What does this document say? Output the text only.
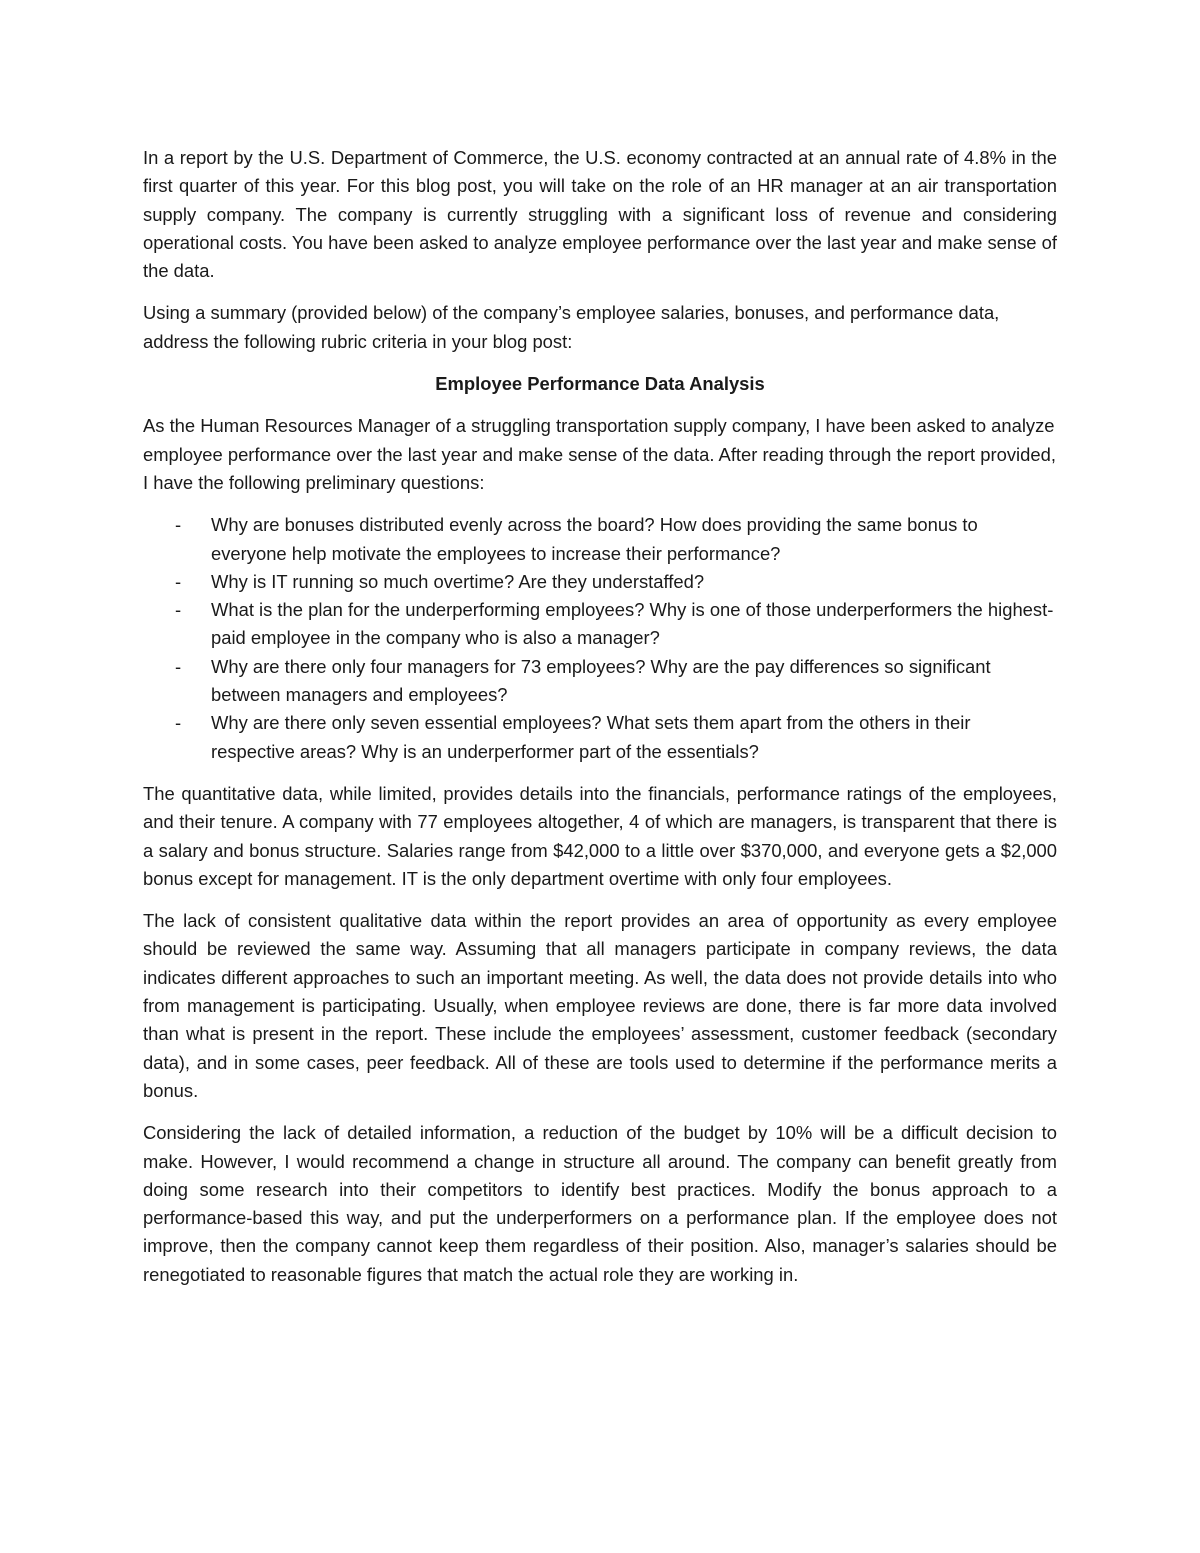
In a report by the U.S. Department of Commerce, the U.S. economy contracted at an annual rate of 4.8% in the first quarter of this year. For this blog post, you will take on the role of an HR manager at an air transportation supply company. The company is currently struggling with a significant loss of revenue and considering operational costs. You have been asked to analyze employee performance over the last year and make sense of the data.

Using a summary (provided below) of the company’s employee salaries, bonuses, and performance data, address the following rubric criteria in your blog post:

Employee Performance Data Analysis

As the Human Resources Manager of a struggling transportation supply company, I have been asked to analyze employee performance over the last year and make sense of the data. After reading through the report provided, I have the following preliminary questions:

- Why are bonuses distributed evenly across the board? How does providing the same bonus to everyone help motivate the employees to increase their performance?
- Why is IT running so much overtime? Are they understaffed?
- What is the plan for the underperforming employees? Why is one of those underperformers the highest-paid employee in the company who is also a manager?
- Why are there only four managers for 73 employees? Why are the pay differences so significant between managers and employees?
- Why are there only seven essential employees? What sets them apart from the others in their respective areas? Why is an underperformer part of the essentials?

The quantitative data, while limited, provides details into the financials, performance ratings of the employees, and their tenure. A company with 77 employees altogether, 4 of which are managers, is transparent that there is a salary and bonus structure. Salaries range from $42,000 to a little over $370,000, and everyone gets a $2,000 bonus except for management. IT is the only department overtime with only four employees.

The lack of consistent qualitative data within the report provides an area of opportunity as every employee should be reviewed the same way. Assuming that all managers participate in company reviews, the data indicates different approaches to such an important meeting. As well, the data does not provide details into who from management is participating. Usually, when employee reviews are done, there is far more data involved than what is present in the report. These include the employees’ assessment, customer feedback (secondary data), and in some cases, peer feedback. All of these are tools used to determine if the performance merits a bonus.

Considering the lack of detailed information, a reduction of the budget by 10% will be a difficult decision to make. However, I would recommend a change in structure all around. The company can benefit greatly from doing some research into their competitors to identify best practices. Modify the bonus approach to a performance-based this way, and put the underperformers on a performance plan. If the employee does not improve, then the company cannot keep them regardless of their position. Also, manager’s salaries should be renegotiated to reasonable figures that match the actual role they are working in.
